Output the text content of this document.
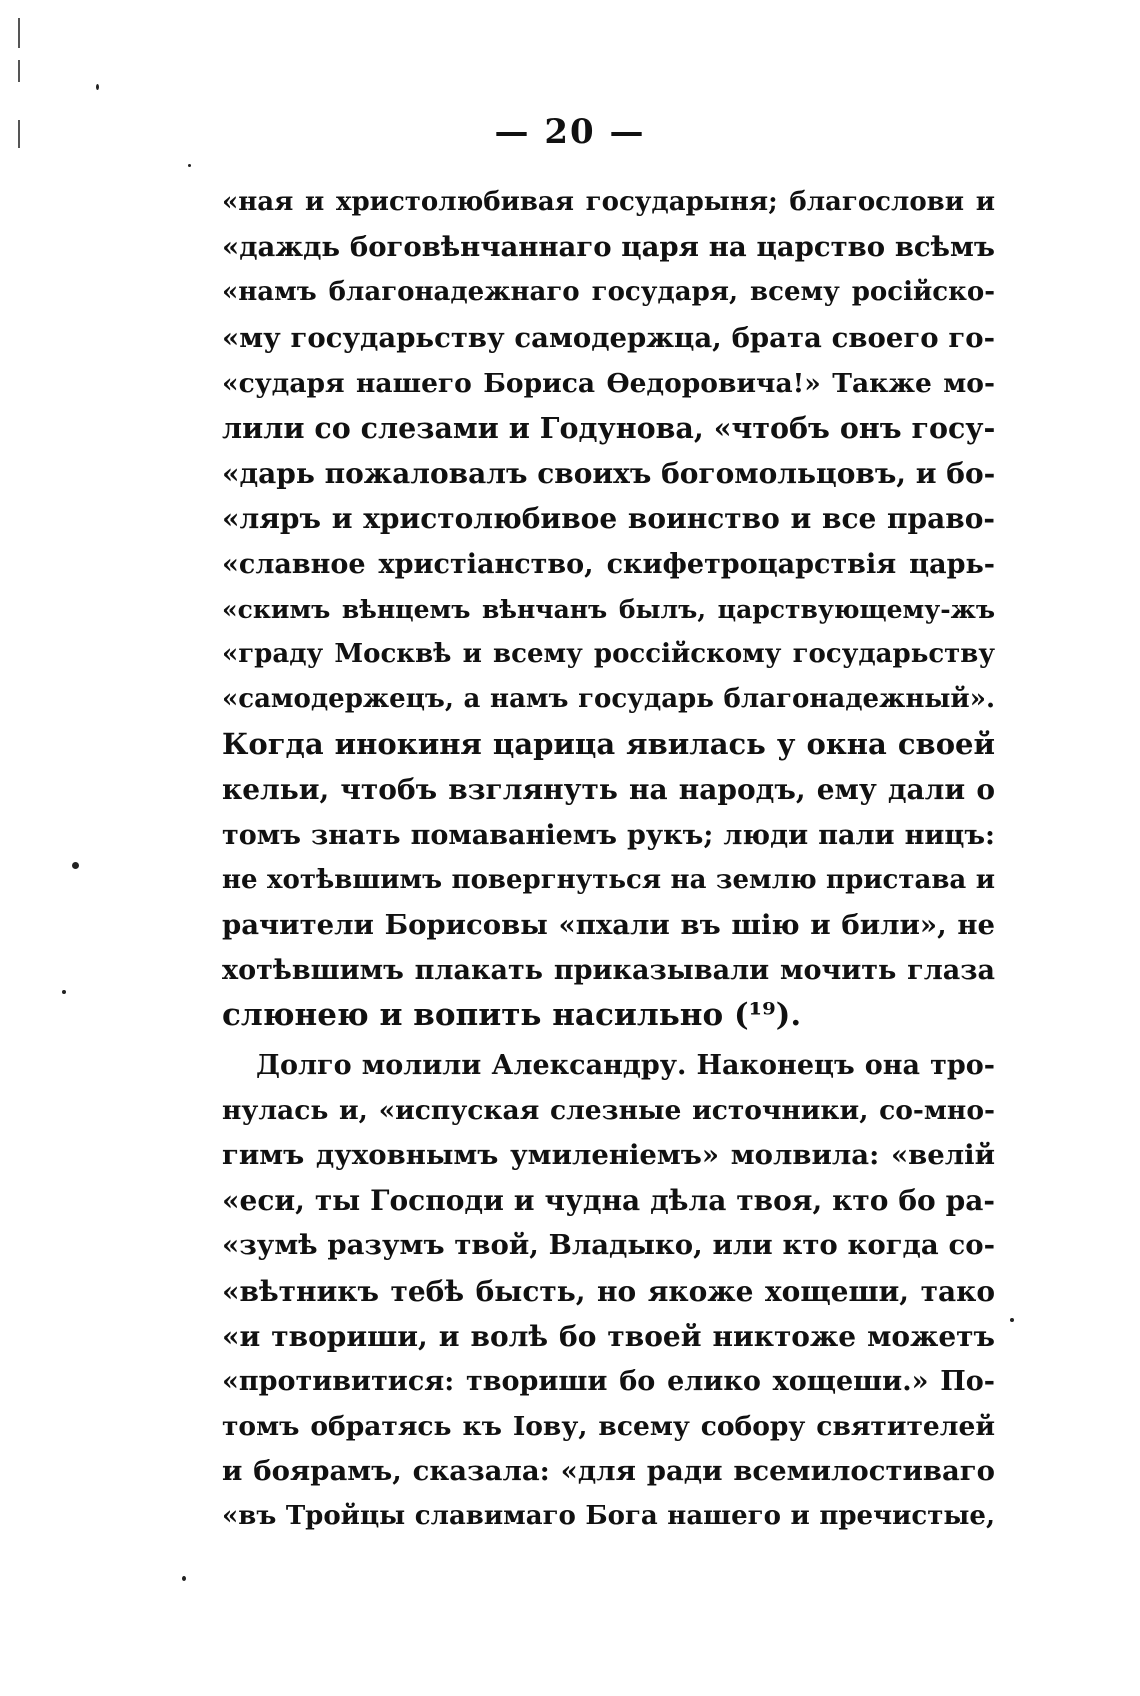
— 20 —
«ная и христолюбивая государыня; благослови и
«даждь боговѣнчаннаго царя на царство всѣмъ
«намъ благонадежнаго государя, всему російско-
«му государьству самодержца, брата своего го-
«сударя нашего Бориса Ѳедоровича!» Также мо-
лили со слезами и Годунова, «чтобъ онъ госу-
«дарь пожаловалъ своихъ богомольцовъ, и бо-
«ляръ и христолюбивое воинство и все право-
«славное христіанство, скифетроцарствія царь-
«скимъ вѣнцемъ вѣнчанъ былъ, царствующему-жъ
«граду Москвѣ и всему россійскому государьству
«самодержецъ, а намъ государь благонадежный».
Когда инокиня царица явилась у окна своей
кельи, чтобъ взглянуть на народъ, ему дали о
томъ знать помаваніемъ рукъ; люди пали ницъ:
не хотѣвшимъ повергнуться на землю пристава и
рачители Борисовы «пхали въ шію и били», не
хотѣвшимъ плакать приказывали мочить глаза
слюнею и вопить насильно (¹⁹).
Долго молили Александру. Наконецъ она тро-
нулась и, «испуская слезные источники, со-мно-
гимъ духовнымъ умиленіемъ» молвила: «велій
«еси, ты Господи и чудна дѣла твоя, кто бо ра-
«зумѣ разумъ твой, Владыко, или кто когда со-
«вѣтникъ тебѣ бысть, но якоже хощеши, тако
«и твориши, и волѣ бо твоей никтоже можетъ
«противитися: твориши бо елико хощеши.» По-
томъ обратясь къ Іову, всему собору святителей
и боярамъ, сказала: «для ради всемилостиваго
«въ Тройцы славимаго Бога нашего и пречистые,
